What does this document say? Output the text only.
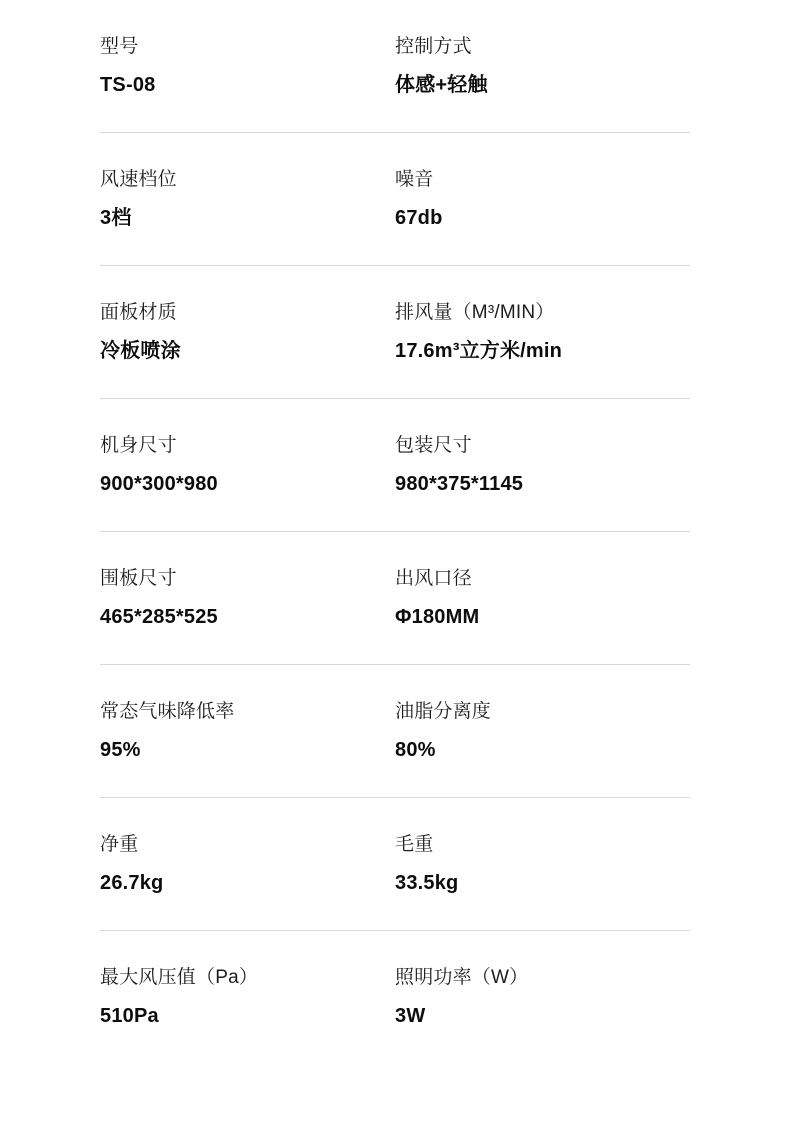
型号
TS-08
控制方式
体感+轻触
风速档位
3档
噪音
67db
面板材质
冷板喷涂
排风量（M³/MIN）
17.6m³立方米/min
机身尺寸
900*300*980
包装尺寸
980*375*1145
围板尺寸
465*285*525
出风口径
Φ180MM
常态气味降低率
95%
油脂分离度
80%
净重
26.7kg
毛重
33.5kg
最大风压值（Pa）
510Pa
照明功率（W）
3W
